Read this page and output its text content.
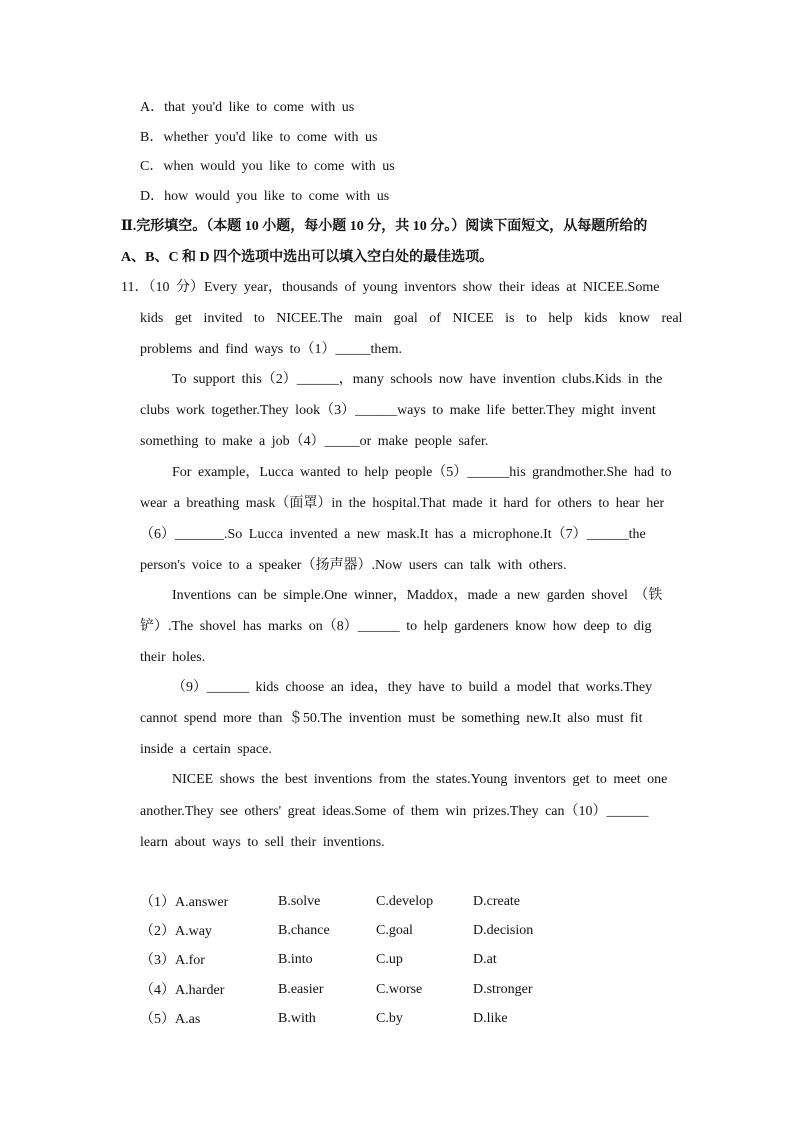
A．that you'd like to come with us
B．whether you'd like to come with us
C．when would you like to come with us
D．how would you like to come with us
Ⅱ.完形填空。（本题 10 小题，每小题 10 分，共 10 分。）阅读下面短文，从每题所给的
A、B、C 和 D 四个选项中选出可以填入空白处的最佳选项。
11．（10 分）Every year，thousands of young inventors show their ideas at NICEE.Some
kids get invited to NICEE.The main goal of NICEE is to help kids know real
problems and find ways to（1）_____them.
To support this（2）______，many schools now have invention clubs.Kids in the
clubs work together.They look（3）______ways to make life better.They might invent
something to make a job（4）_____or make people safer.
For example，Lucca wanted to help people（5）______his grandmother.She had to
wear a breathing mask（面罩）in the hospital.That made it hard for others to hear her
（6）_______.So Lucca invented a new mask.It has a microphone.It（7）______the
person's voice to a speaker（扬声器）.Now users can talk with others.
Inventions can be simple.One winner，Maddox，made a new garden shovel （铁
铲）.The shovel has marks on（8）______ to help gardeners know how deep to dig
their holes.
（9）______ kids choose an idea，they have to build a model that works.They
cannot spend more than ＄50.The invention must be something new.It also must fit
inside a certain space.
NICEE shows the best inventions from the states.Young inventors get to meet one
another.They see others' great ideas.Some of them win prizes.They can（10）______
learn about ways to sell their inventions.
（1）A.answer	B.solve	C.develop	D.create
（2）A.way	B.chance	C.goal	D.decision
（3）A.for	B.into	C.up	D.at
（4）A.harder	B.easier	C.worse	D.stronger
（5）A.as	B.with	C.by	D.like
